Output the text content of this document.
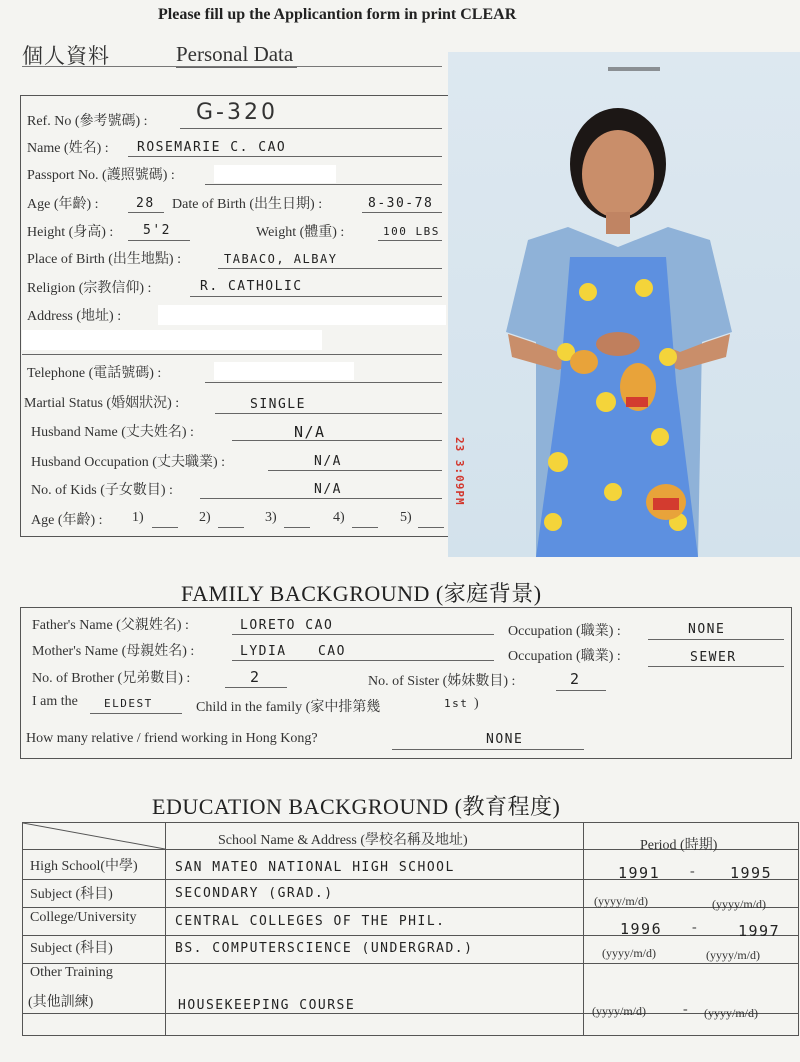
Please fill up the Applicantion form in print CLEAR
個人資料	Personal Data
Ref. No (參考號碼) : G-320
Name (姓名) : ROSEMARIE C. CAO
Passport No. (護照號碼) :
Age (年齡) :	28 Date of Birth (出生日期) :	8-30-78
Height (身高) : 5'2	Weight (體重) :	100 LBS
Place of Birth (出生地點) :	TABACO, ALBAY
Religion (宗教信仰) :	R. CATHOLIC
Address (地址) :
Telephone (電話號碼) :
Martial Status (婚姻狀況) :	SINGLE
Husband Name (丈夫姓名) :	N/A
Husband Occupation (丈夫職業) :	N/A
No. of Kids (子女數目) :	N/A
Age (年齡) : 1)	2)	3)	4)	5)
23 3:09PM
FAMILY BACKGROUND (家庭背景)
Father's Name (父親姓名) :	LORETO CAO	Occupation (職業) :	NONE
Mother's Name (母親姓名) :	LYDIA CAO	Occupation (職業) :	SEWER
No. of Brother (兄弟數目) :	2	No. of Sister (姊妹數目) :	2
I am the ELDEST	Child in the family (家中排第幾	1st )
How many relative / friend working in Hong Kong?	NONE
EDUCATION BACKGROUND (教育程度)
School Name & Address (學校名稱及地址)	Period (時期)
High School(中學)	SAN MATEO NATIONAL HIGH SCHOOL	1991 - 1995
Subject (科目)	SECONDARY (GRAD.)	(yyyy/m/d)	(yyyy/m/d)
College/University	CENTRAL COLLEGES OF THE PHIL.	1996 -	1997
Subject (科目)	BS. COMPUTERSCIENCE (UNDERGRAD.)	(yyyy/m/d)	(yyyy/m/d)
Other Training
(其他訓練)	HOUSEKEEPING COURSE	(yyyy/m/d)	- (yyyy/m/d)
